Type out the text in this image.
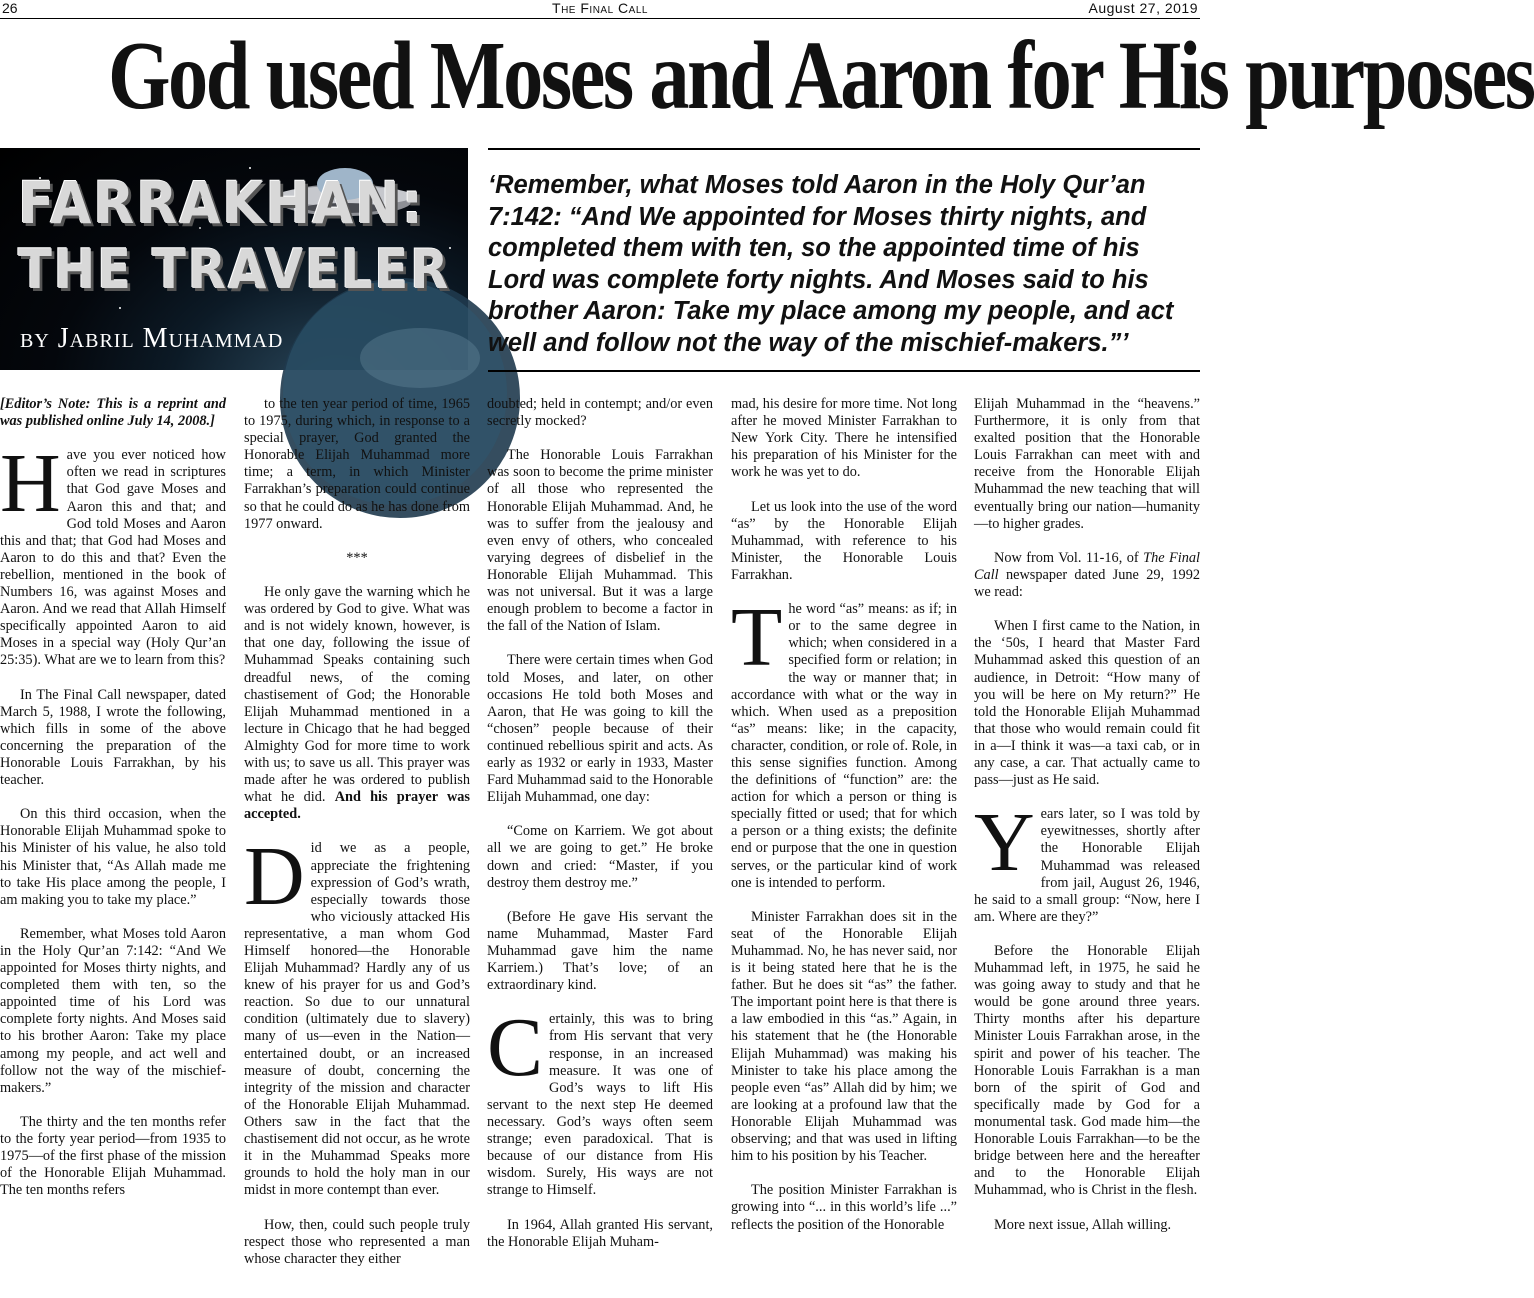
26	The Final Call	August 27, 2019
God used Moses and Aaron for His purposes
FARRAKHAN:
THE TRAVELER
by Jabril Muhammad

‘Remember, what Moses told Aaron in the Holy Qur’an 7:142: “And We appointed for Moses thirty nights, and completed them with ten, so the appointed time of his Lord was complete forty nights. And Moses said to his brother Aaron: Take my place among my people, and act well and follow not the way of the mischief-makers.”’

[Editor’s Note: This is a reprint and was published online July 14, 2008.]

Have you ever noticed how often we read in scriptures that God gave Moses and Aaron this and that; and God told Moses and Aaron this and that; that God had Moses and Aaron to do this and that? Even the rebellion, mentioned in the book of Numbers 16, was against Moses and Aaron. And we read that Allah Himself specifically appointed Aaron to aid Moses in a special way (Holy Qur’an 25:35). What are we to learn from this?

In The Final Call newspaper, dated March 5, 1988, I wrote the following, which fills in some of the above concerning the preparation of the Honorable Louis Farrakhan, by his teacher.

On this third occasion, when the Honorable Elijah Muhammad spoke to his Minister of his value, he also told his Minister that, “As Allah made me to take His place among the people, I am making you to take my place.”

Remember, what Moses told Aaron in the Holy Qur’an 7:142: “And We appointed for Moses thirty nights, and completed them with ten, so the appointed time of his Lord was complete forty nights. And Moses said to his brother Aaron: Take my place among my people, and act well and follow not the way of the mischief-makers.”

The thirty and the ten months refer to the forty year period—from 1935 to 1975—of the first phase of the mission of the Honorable Elijah Muhammad. The ten months refers

to the ten year period of time, 1965 to 1975, during which, in response to a special prayer, God granted the Honorable Elijah Muhammad more time; a term, in which Minister Farrakhan’s preparation could continue so that he could do as he has done from 1977 onward.

***

He only gave the warning which he was ordered by God to give. What was and is not widely known, however, is that one day, following the issue of Muhammad Speaks containing such dreadful news, of the coming chastisement of God; the Honorable Elijah Muhammad mentioned in a lecture in Chicago that he had begged Almighty God for more time to work with us; to save us all. This prayer was made after he was ordered to publish what he did. And his prayer was accepted.

Did we as a people, appreciate the frightening expression of God’s wrath, especially towards those who viciously attacked His representative, a man whom God Himself honored—the Honorable Elijah Muhammad? Hardly any of us knew of his prayer for us and God’s reaction. So due to our unnatural condition (ultimately due to slavery) many of us—even in the Nation—entertained doubt, or an increased measure of doubt, concerning the integrity of the mission and character of the Honorable Elijah Muhammad. Others saw in the fact that the chastisement did not occur, as he wrote it in the Muhammad Speaks more grounds to hold the holy man in our midst in more contempt than ever.

How, then, could such people truly respect those who represented a man whose character they either

doubted; held in contempt; and/or even secretly mocked?

The Honorable Louis Farrakhan was soon to become the prime minister of all those who represented the Honorable Elijah Muhammad. And, he was to suffer from the jealousy and even envy of others, who concealed varying degrees of disbelief in the Honorable Elijah Muhammad. This was not universal. But it was a large enough problem to become a factor in the fall of the Nation of Islam.

There were certain times when God told Moses, and later, on other occasions He told both Moses and Aaron, that He was going to kill the “chosen” people because of their continued rebellious spirit and acts. As early as 1932 or early in 1933, Master Fard Muhammad said to the Honorable Elijah Muhammad, one day:

“Come on Karriem. We got about all we are going to get.” He broke down and cried: “Master, if you destroy them destroy me.”

(Before He gave His servant the name Muhammad, Master Fard Muhammad gave him the name Karriem.) That’s love; of an extraordinary kind.

Certainly, this was to bring from His servant that very response, in an increased measure. It was one of God’s ways to lift His servant to the next step He deemed necessary. God’s ways often seem strange; even paradoxical. That is because of our distance from His wisdom. Surely, His ways are not strange to Himself.

In 1964, Allah granted His servant, the Honorable Elijah Muham-

mad, his desire for more time. Not long after he moved Minister Farrakhan to New York City. There he intensified his preparation of his Minister for the work he was yet to do.

Let us look into the use of the word “as” by the Honorable Elijah Muhammad, with reference to his Minister, the Honorable Louis Farrakhan.

The word “as” means: as if; in or to the same degree in which; when considered in a specified form or relation; in the way or manner that; in accordance with what or the way in which. When used as a preposition “as” means: like; in the capacity, character, condition, or role of. Role, in this sense signifies function. Among the definitions of “function” are: the action for which a person or thing is specially fitted or used; that for which a person or a thing exists; the definite end or purpose that the one in question serves, or the particular kind of work one is intended to perform.

Minister Farrakhan does sit in the seat of the Honorable Elijah Muhammad. No, he has never said, nor is it being stated here that he is the father. But he does sit “as” the father. The important point here is that there is a law embodied in this “as.” Again, in his statement that he (the Honorable Elijah Muhammad) was making his Minister to take his place among the people even “as” Allah did by him; we are looking at a profound law that the Honorable Elijah Muhammad was observing; and that was used in lifting him to his position by his Teacher.

The position Minister Farrakhan is growing into “... in this world’s life ...” reflects the position of the Honorable

Elijah Muhammad in the “heavens.” Furthermore, it is only from that exalted position that the Honorable Louis Farrakhan can meet with and receive from the Honorable Elijah Muhammad the new teaching that will eventually bring our nation—humanity—to higher grades.

Now from Vol. 11-16, of The Final Call newspaper dated June 29, 1992 we read:

When I first came to the Nation, in the ‘50s, I heard that Master Fard Muhammad asked this question of an audience, in Detroit: “How many of you will be here on My return?” He told the Honorable Elijah Muhammad that those who would remain could fit in a—I think it was—a taxi cab, or in any case, a car. That actually came to pass—just as He said.

Years later, so I was told by eyewitnesses, shortly after the Honorable Elijah Muhammad was released from jail, August 26, 1946, he said to a small group: “Now, here I am. Where are they?”

Before the Honorable Elijah Muhammad left, in 1975, he said he was going away to study and that he would be gone around three years. Thirty months after his departure Minister Louis Farrakhan arose, in the spirit and power of his teacher. The Honorable Louis Farrakhan is a man born of the spirit of God and specifically made by God for a monumental task. God made him—the Honorable Louis Farrakhan—to be the bridge between here and the hereafter and to the Honorable Elijah Muhammad, who is Christ in the flesh.

More next issue, Allah willing.
